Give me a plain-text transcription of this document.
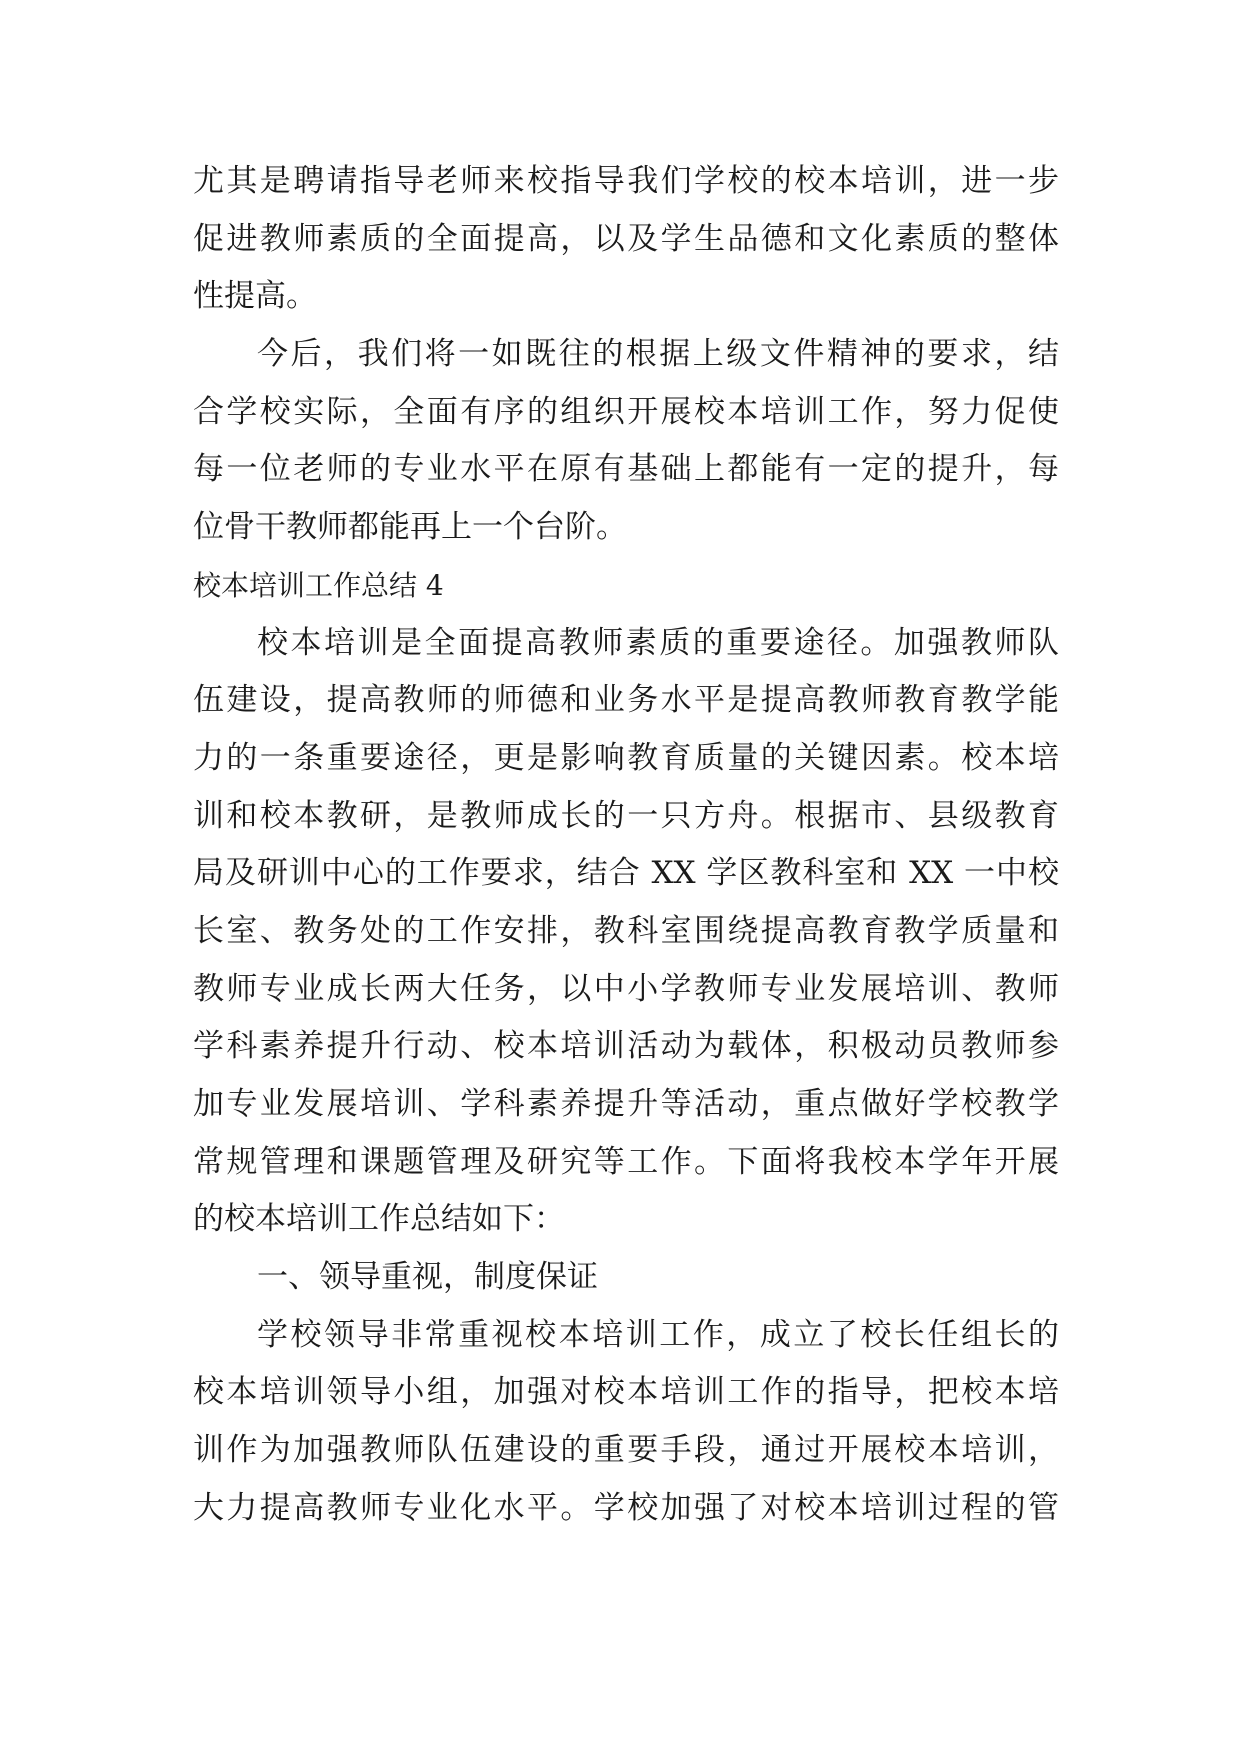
尤其是聘请指导老师来校指导我们学校的校本培训，进一步
促进教师素质的全面提高，以及学生品德和文化素质的整体
性提高。
今后，我们将一如既往的根据上级文件精神的要求，结
合学校实际，全面有序的组织开展校本培训工作，努力促使
每一位老师的专业水平在原有基础上都能有一定的提升，每
位骨干教师都能再上一个台阶。
校本培训工作总结 4
校本培训是全面提高教师素质的重要途径。加强教师队
伍建设，提高教师的师德和业务水平是提高教师教育教学能
力的一条重要途径，更是影响教育质量的关键因素。校本培
训和校本教研，是教师成长的一只方舟。根据市、县级教育
局及研训中心的工作要求，结合 XX 学区教科室和 XX 一中校
长室、教务处的工作安排，教科室围绕提高教育教学质量和
教师专业成长两大任务，以中小学教师专业发展培训、教师
学科素养提升行动、校本培训活动为载体，积极动员教师参
加专业发展培训、学科素养提升等活动，重点做好学校教学
常规管理和课题管理及研究等工作。下面将我校本学年开展
的校本培训工作总结如下：
一、领导重视，制度保证
学校领导非常重视校本培训工作，成立了校长任组长的
校本培训领导小组，加强对校本培训工作的指导，把校本培
训作为加强教师队伍建设的重要手段，通过开展校本培训，
大力提高教师专业化水平。学校加强了对校本培训过程的管
